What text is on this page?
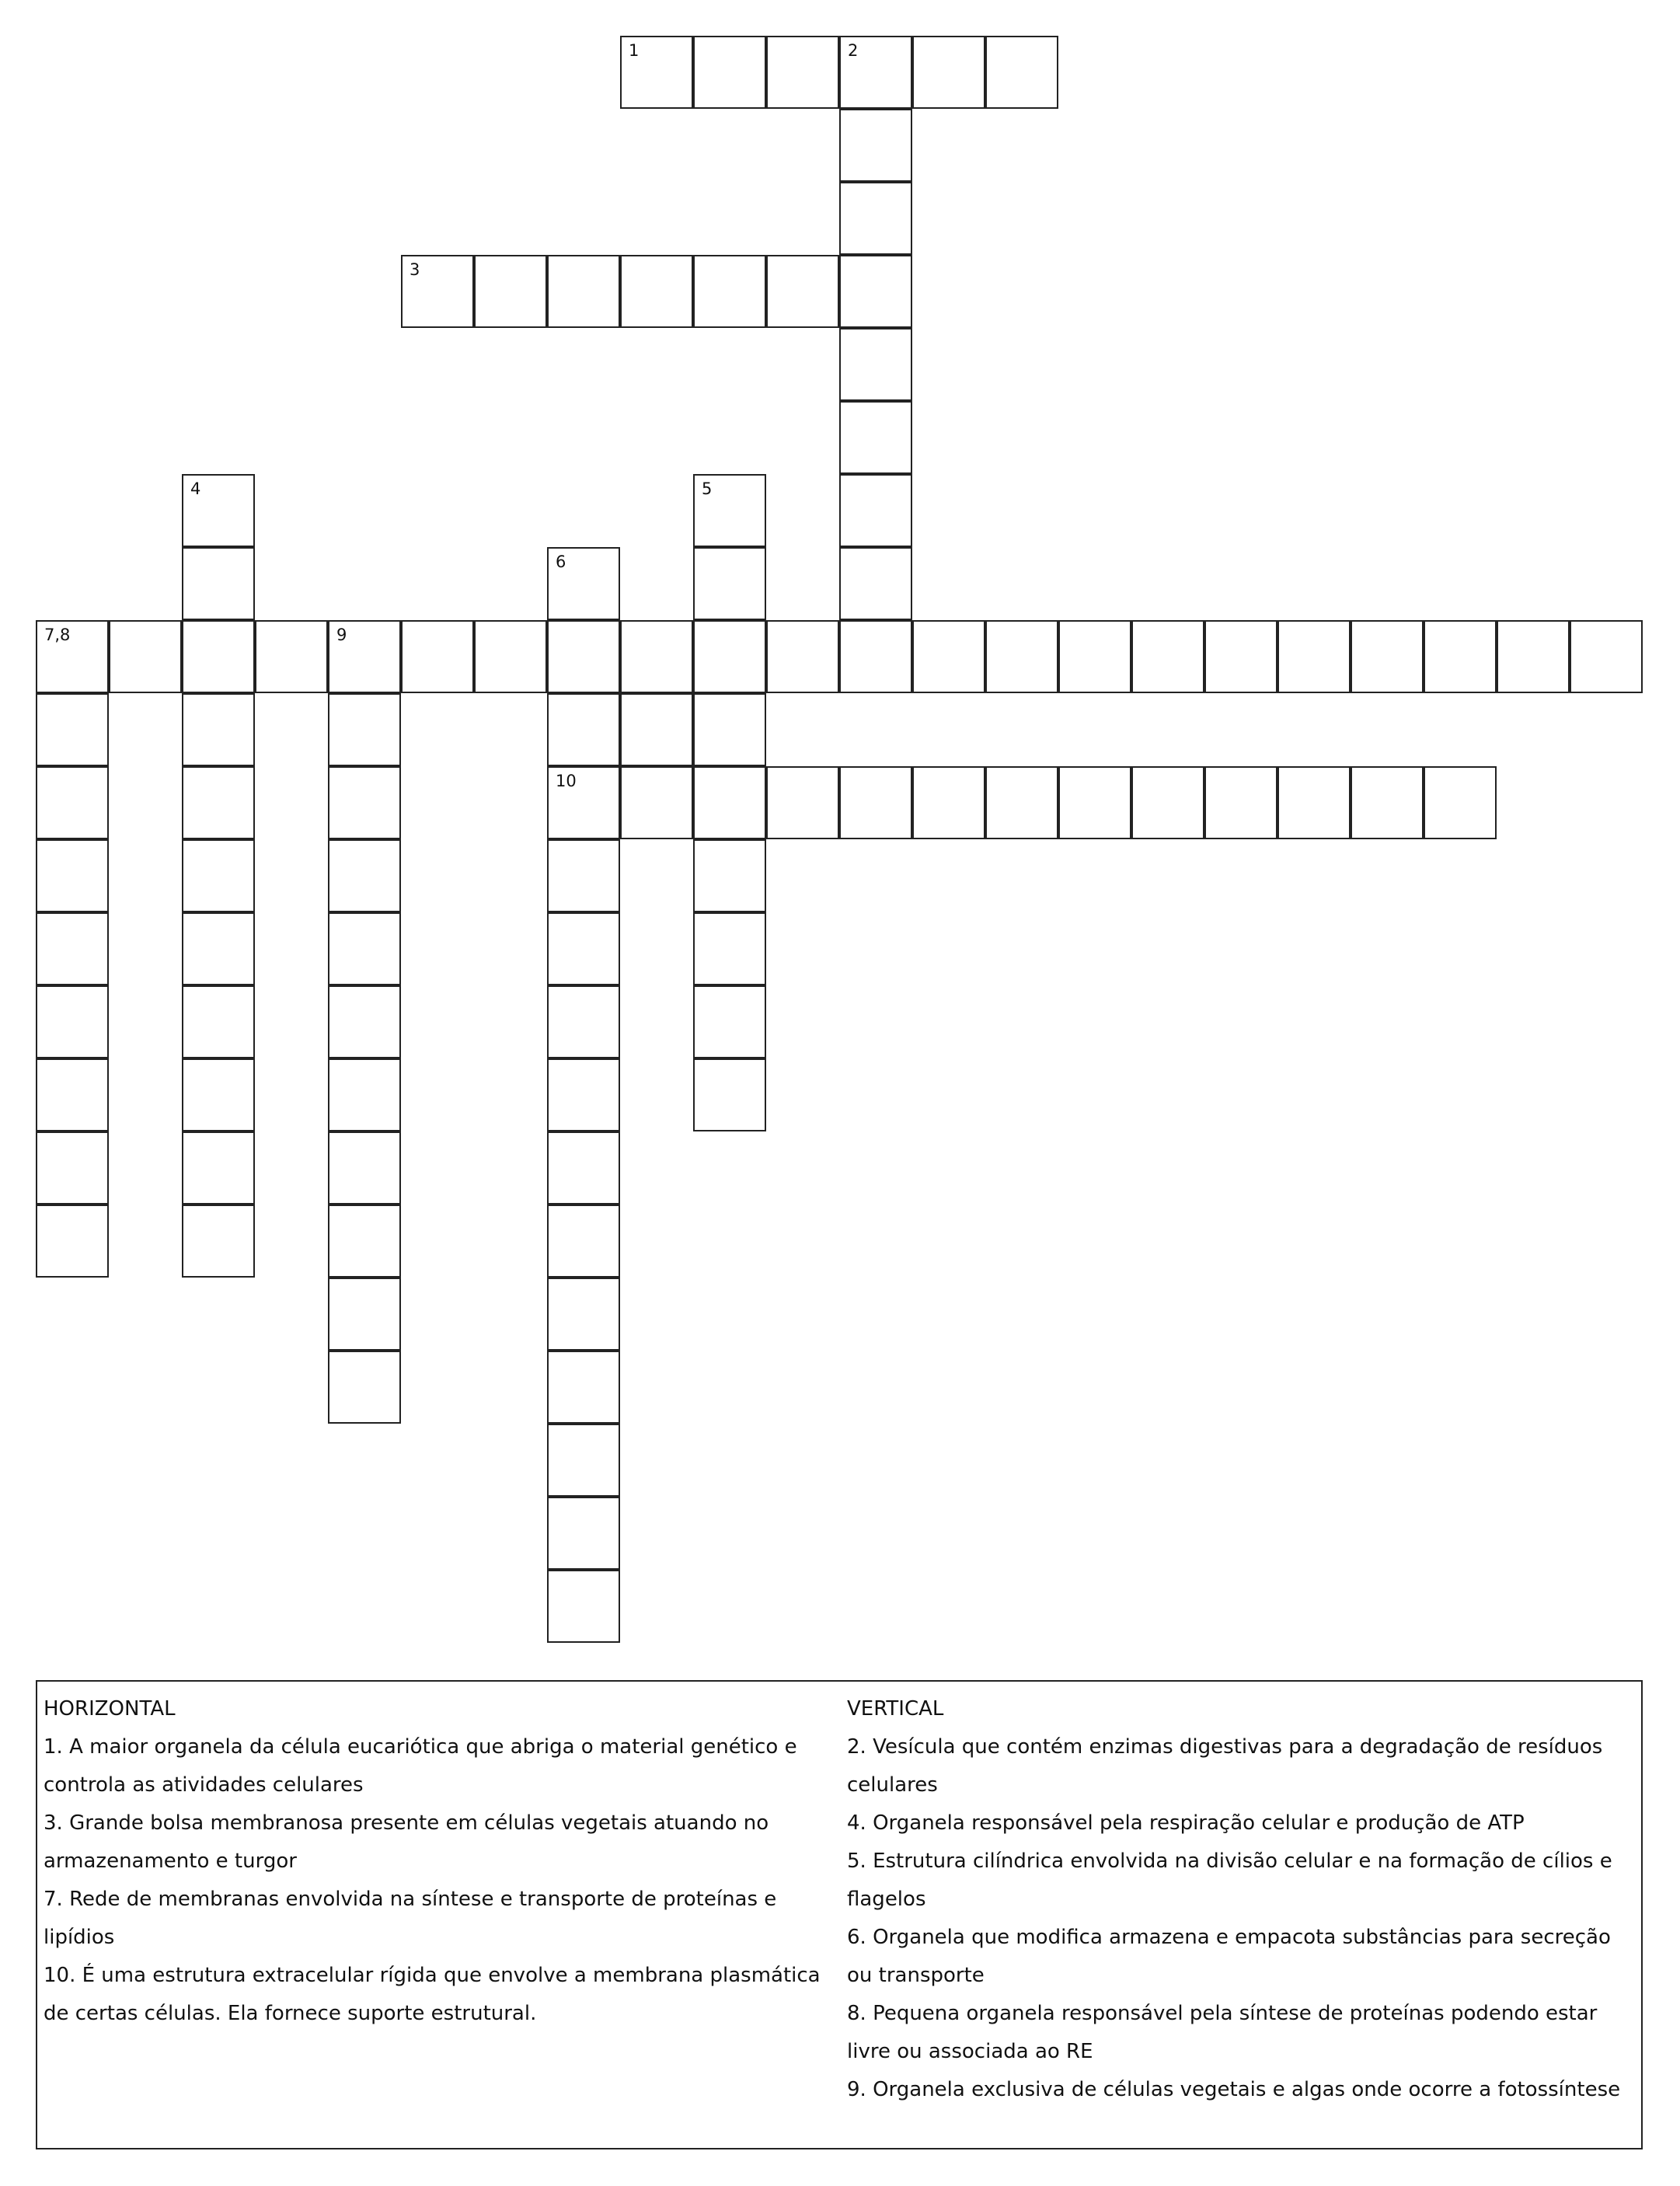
1	2
3
4	5
6
7,8	9
10

HORIZONTAL

1. A maior organela da célula eucariótica que abriga o material genético e controla as atividades celulares

3. Grande bolsa membranosa presente em células vegetais atuando no armazenamento e turgor

7. Rede de membranas envolvida na síntese e transporte de proteínas e lipídios

10. É uma estrutura extracelular rígida que envolve a membrana plasmática de certas células. Ela fornece suporte estrutural.

VERTICAL

2. Vesícula que contém enzimas digestivas para a degradação de resíduos celulares

4. Organela responsável pela respiração celular e produção de ATP

5. Estrutura cilíndrica envolvida na divisão celular e na formação de cílios e flagelos

6. Organela que modifica armazena e empacota substâncias para secreção ou transporte

8. Pequena organela responsável pela síntese de proteínas podendo estar livre ou associada ao RE

9. Organela exclusiva de células vegetais e algas onde ocorre a fotossíntese
